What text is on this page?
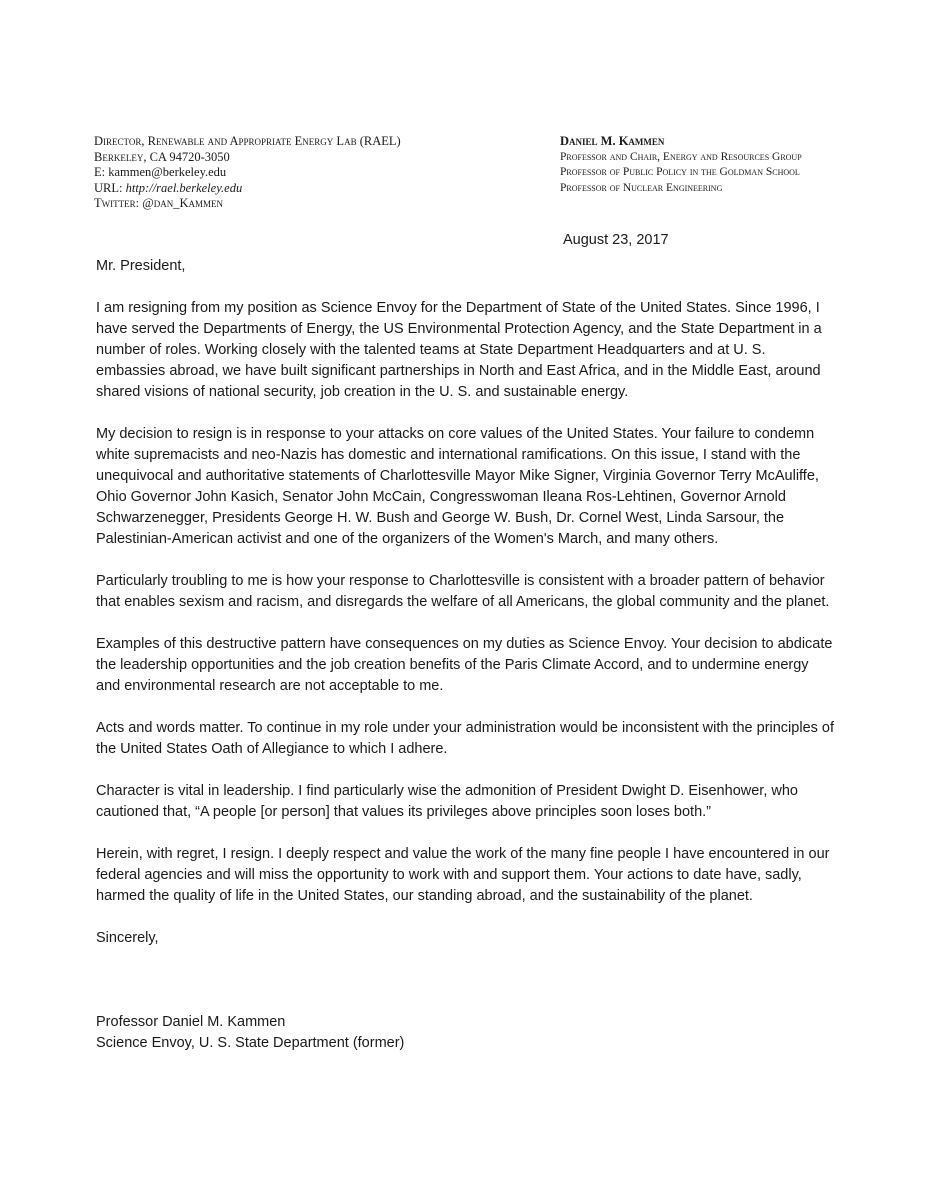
Director, Renewable and Appropriate Energy Lab (RAEL)
Berkeley, CA 94720-3050
E: kammen@berkeley.edu
URL: http://rael.berkeley.edu
Twitter: @dan_Kammen
Daniel M. Kammen
Professor and Chair, Energy and Resources Group
Professor of Public Policy in the Goldman School
Professor of Nuclear Engineering
August 23, 2017

Mr. President,

I am resigning from my position as Science Envoy for the Department of State of the United States. Since 1996, I have served the Departments of Energy, the US Environmental Protection Agency, and the State Department in a number of roles. Working closely with the talented teams at State Department Headquarters and at U. S. embassies abroad, we have built significant partnerships in North and East Africa, and in the Middle East, around shared visions of national security, job creation in the U. S. and sustainable energy.

My decision to resign is in response to your attacks on core values of the United States. Your failure to condemn white supremacists and neo-Nazis has domestic and international ramifications. On this issue, I stand with the unequivocal and authoritative statements of Charlottesville Mayor Mike Signer, Virginia Governor Terry McAuliffe, Ohio Governor John Kasich, Senator John McCain, Congresswoman Ileana Ros-Lehtinen, Governor Arnold Schwarzenegger, Presidents George H. W. Bush and George W. Bush, Dr. Cornel West, Linda Sarsour, the Palestinian-American activist and one of the organizers of the Women's March, and many others.

Particularly troubling to me is how your response to Charlottesville is consistent with a broader pattern of behavior that enables sexism and racism, and disregards the welfare of all Americans, the global community and the planet.

Examples of this destructive pattern have consequences on my duties as Science Envoy. Your decision to abdicate the leadership opportunities and the job creation benefits of the Paris Climate Accord, and to undermine energy and environmental research are not acceptable to me.

Acts and words matter. To continue in my role under your administration would be inconsistent with the principles of the United States Oath of Allegiance to which I adhere.

Character is vital in leadership. I find particularly wise the admonition of President Dwight D. Eisenhower, who cautioned that, “A people [or person] that values its privileges above principles soon loses both.”

Herein, with regret, I resign. I deeply respect and value the work of the many fine people I have encountered in our federal agencies and will miss the opportunity to work with and support them. Your actions to date have, sadly, harmed the quality of life in the United States, our standing abroad, and the sustainability of the planet.

Sincerely,

Professor Daniel M. Kammen
Science Envoy, U. S. State Department (former)
